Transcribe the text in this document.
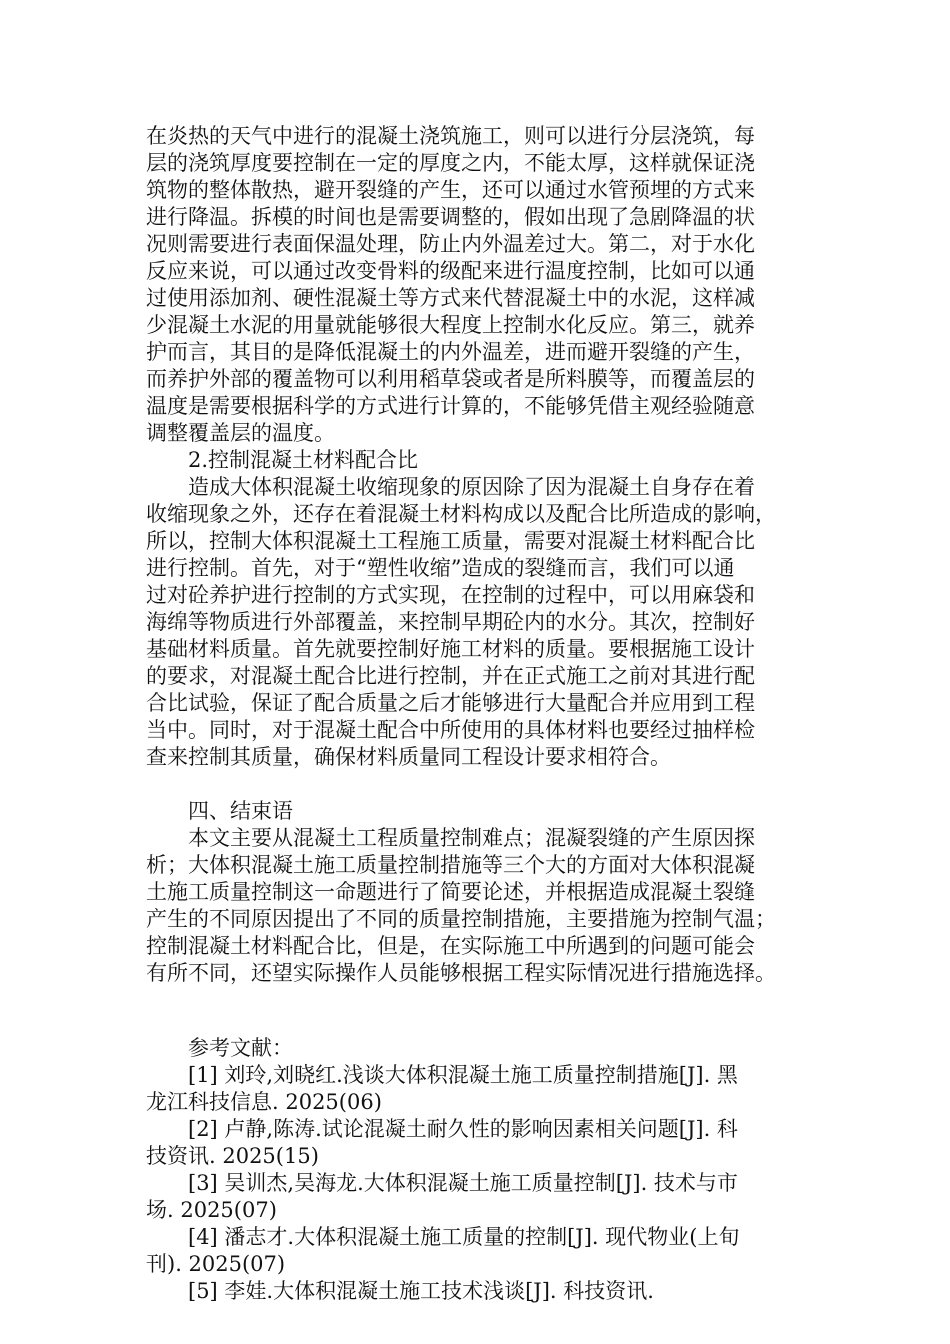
在炎热的天气中进行的混凝土浇筑施工，则可以进行分层浇筑，每
层的浇筑厚度要控制在一定的厚度之内，不能太厚，这样就保证浇
筑物的整体散热，避开裂缝的产生，还可以通过水管预埋的方式来
进行降温。拆模的时间也是需要调整的，假如出现了急剧降温的状
况则需要进行表面保温处理，防止内外温差过大。第二，对于水化
反应来说，可以通过改变骨料的级配来进行温度控制，比如可以通
过使用添加剂、硬性混凝土等方式来代替混凝土中的水泥，这样减
少混凝土水泥的用量就能够很大程度上控制水化反应。第三，就养
护而言，其目的是降低混凝土的内外温差，进而避开裂缝的产生，
而养护外部的覆盖物可以利用稻草袋或者是所料膜等，而覆盖层的
温度是需要根据科学的方式进行计算的，不能够凭借主观经验随意
调整覆盖层的温度。
2.控制混凝土材料配合比
造成大体积混凝土收缩现象的原因除了因为混凝土自身存在着
收缩现象之外，还存在着混凝土材料构成以及配合比所造成的影响，
所以，控制大体积混凝土工程施工质量，需要对混凝土材料配合比
进行控制。首先，对于“塑性收缩”造成的裂缝而言，我们可以通
过对砼养护进行控制的方式实现，在控制的过程中，可以用麻袋和
海绵等物质进行外部覆盖，来控制早期砼内的水分。其次，控制好
基础材料质量。首先就要控制好施工材料的质量。要根据施工设计
的要求，对混凝土配合比进行控制，并在正式施工之前对其进行配
合比试验，保证了配合质量之后才能够进行大量配合并应用到工程
当中。同时，对于混凝土配合中所使用的具体材料也要经过抽样检
查来控制其质量，确保材料质量同工程设计要求相符合。
四、结束语
本文主要从混凝土工程质量控制难点；混凝裂缝的产生原因探
析；大体积混凝土施工质量控制措施等三个大的方面对大体积混凝
土施工质量控制这一命题进行了简要论述，并根据造成混凝土裂缝
产生的不同原因提出了不同的质量控制措施，主要措施为控制气温；
控制混凝土材料配合比，但是，在实际施工中所遇到的问题可能会
有所不同，还望实际操作人员能够根据工程实际情况进行措施选择。
参考文献：
[1] 刘玲,刘晓红.浅谈大体积混凝土施工质量控制措施[J]. 黑
龙江科技信息. 2025(06)
[2] 卢静,陈涛.试论混凝土耐久性的影响因素相关问题[J]. 科
技资讯. 2025(15)
[3] 吴训杰,吴海龙.大体积混凝土施工质量控制[J]. 技术与市
场. 2025(07)
[4] 潘志才.大体积混凝土施工质量的控制[J]. 现代物业(上旬
刊). 2025(07)
[5] 李娃.大体积混凝土施工技术浅谈[J]. 科技资讯.
